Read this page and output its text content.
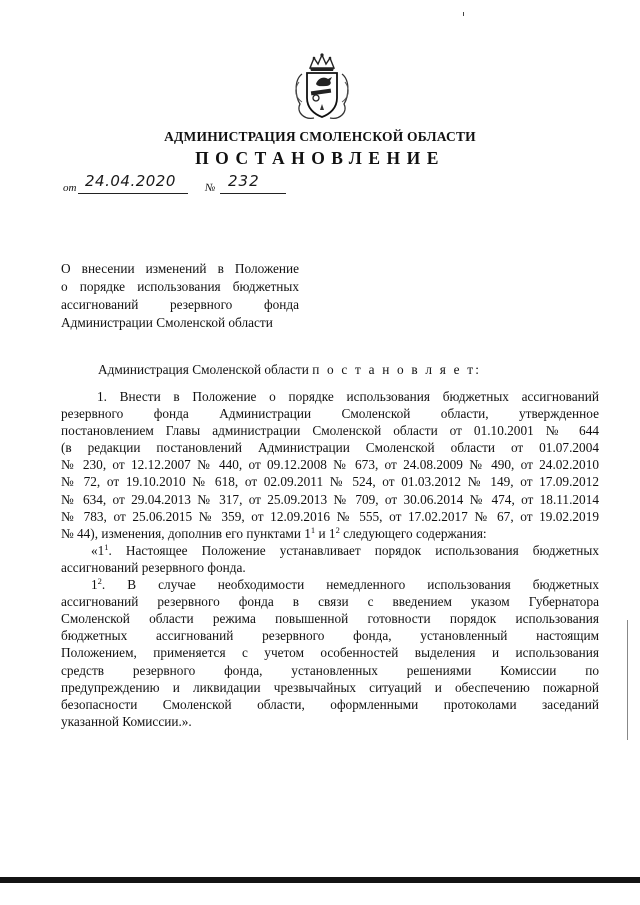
АДМИНИСТРАЦИЯ СМОЛЕНСКОЙ ОБЛАСТИ
ПОСТАНОВЛЕНИЕ
от 24.04.2020	№ 232

О внесении изменений в Положение
о порядке использования бюджетных
ассигнований резервного фонда
Администрации Смоленской области

Администрация Смоленской области п о с т а н о в л я е т:
1. Внести в Положение о порядке использования бюджетных ассигнований
резервного фонда Администрации Смоленской области, утвержденное
постановлением Главы администрации Смоленской области от 01.10.2001 № 644
(в редакции постановлений Администрации Смоленской области от 01.07.2004
№ 230, от 12.12.2007 № 440, от 09.12.2008 № 673, от 24.08.2009 № 490, от 24.02.2010
№ 72, от 19.10.2010 № 618, от 02.09.2011 № 524, от 01.03.2012 № 149, от 17.09.2012
№ 634, от 29.04.2013 № 317, от 25.09.2013 № 709, от 30.06.2014 № 474, от 18.11.2014
№ 783, от 25.06.2015 № 359, от 12.09.2016 № 555, от 17.02.2017 № 67, от 19.02.2019
№ 44), изменения, дополнив его пунктами $1^1$ и $1^2$ следующего содержания:
«$1^1$. Настоящее Положение устанавливает порядок использования бюджетных
ассигнований резервного фонда.
$1^2$. В случае необходимости немедленного использования бюджетных
ассигнований резервного фонда в связи с введением указом Губернатора
Смоленской области режима повышенной готовности порядок использования
бюджетных ассигнований резервного фонда, установленный настоящим
Положением, применяется с учетом особенностей выделения и использования
средств резервного фонда, установленных решениями Комиссии по
предупреждению и ликвидации чрезвычайных ситуаций и обеспечению пожарной
безопасности Смоленской области, оформленными протоколами заседаний
указанной Комиссии.».
